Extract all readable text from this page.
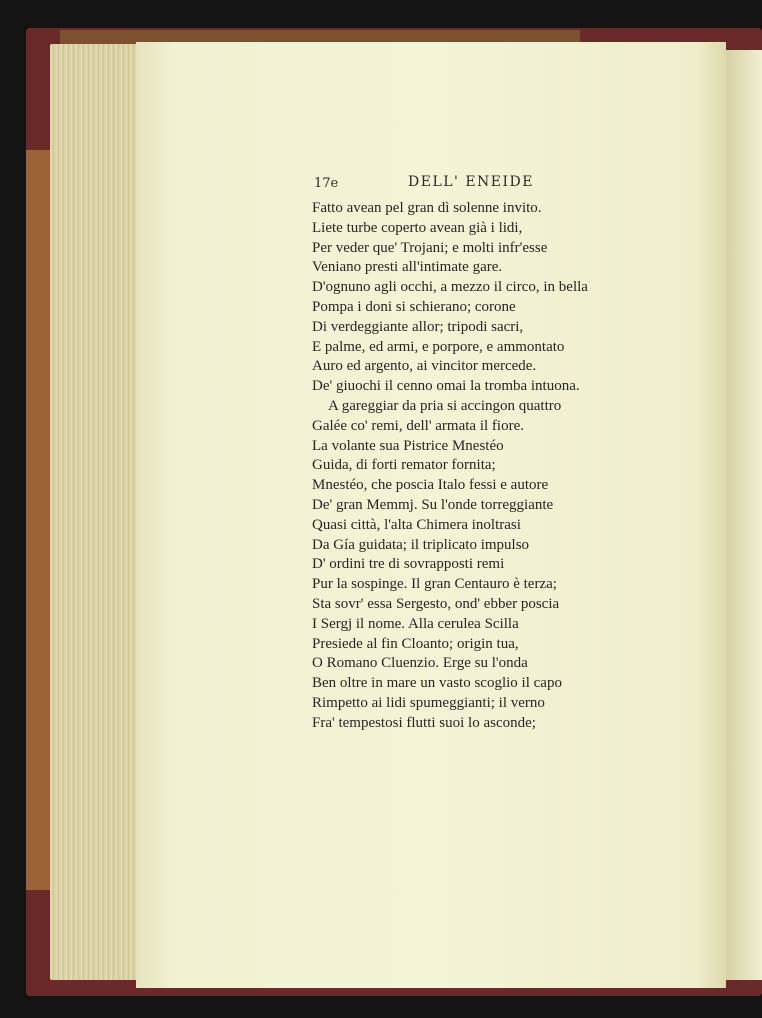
17e	DELL' ENEIDE
Fatto avean pel gran dì solenne invito.
Liete turbe coperto avean già i lidi,
Per veder que' Trojani; e molti infr'esse
Veniano presti all'intimate gare.
D'ognuno agli occhi, a mezzo il circo, in bella
Pompa i doni si schierano; corone
Di verdeggiante allor; tripodi sacri,
E palme, ed armi, e porpore, e ammontato
Auro ed argento, ai vincitor mercede.
De' giuochi il cenno omai la tromba intuona.
A gareggiar da pria si accingon quattro
Galée co' remi, dell' armata il fiore.
La volante sua Pistrice Mnestéo
Guida, di forti remator fornita;
Mnestéo, che poscia Italo fessi e autore
De' gran Memmj. Su l'onde torreggiante
Quasi città, l'alta Chimera inoltrasi
Da Gía guidata; il triplicato impulso
D' ordini tre di sovrapposti remi
Pur la sospinge. Il gran Centauro è terza;
Sta sovr' essa Sergesto, ond' ebber poscia
I Sergj il nome. Alla cerulea Scilla
Presiede al fin Cloanto; origin tua,
O Romano Cluenzio. Erge su l'onda
Ben oltre in mare un vasto scoglio il capo
Rimpetto ai lidi spumeggianti; il verno
Fra' tempestosi flutti suoi lo asconde;
